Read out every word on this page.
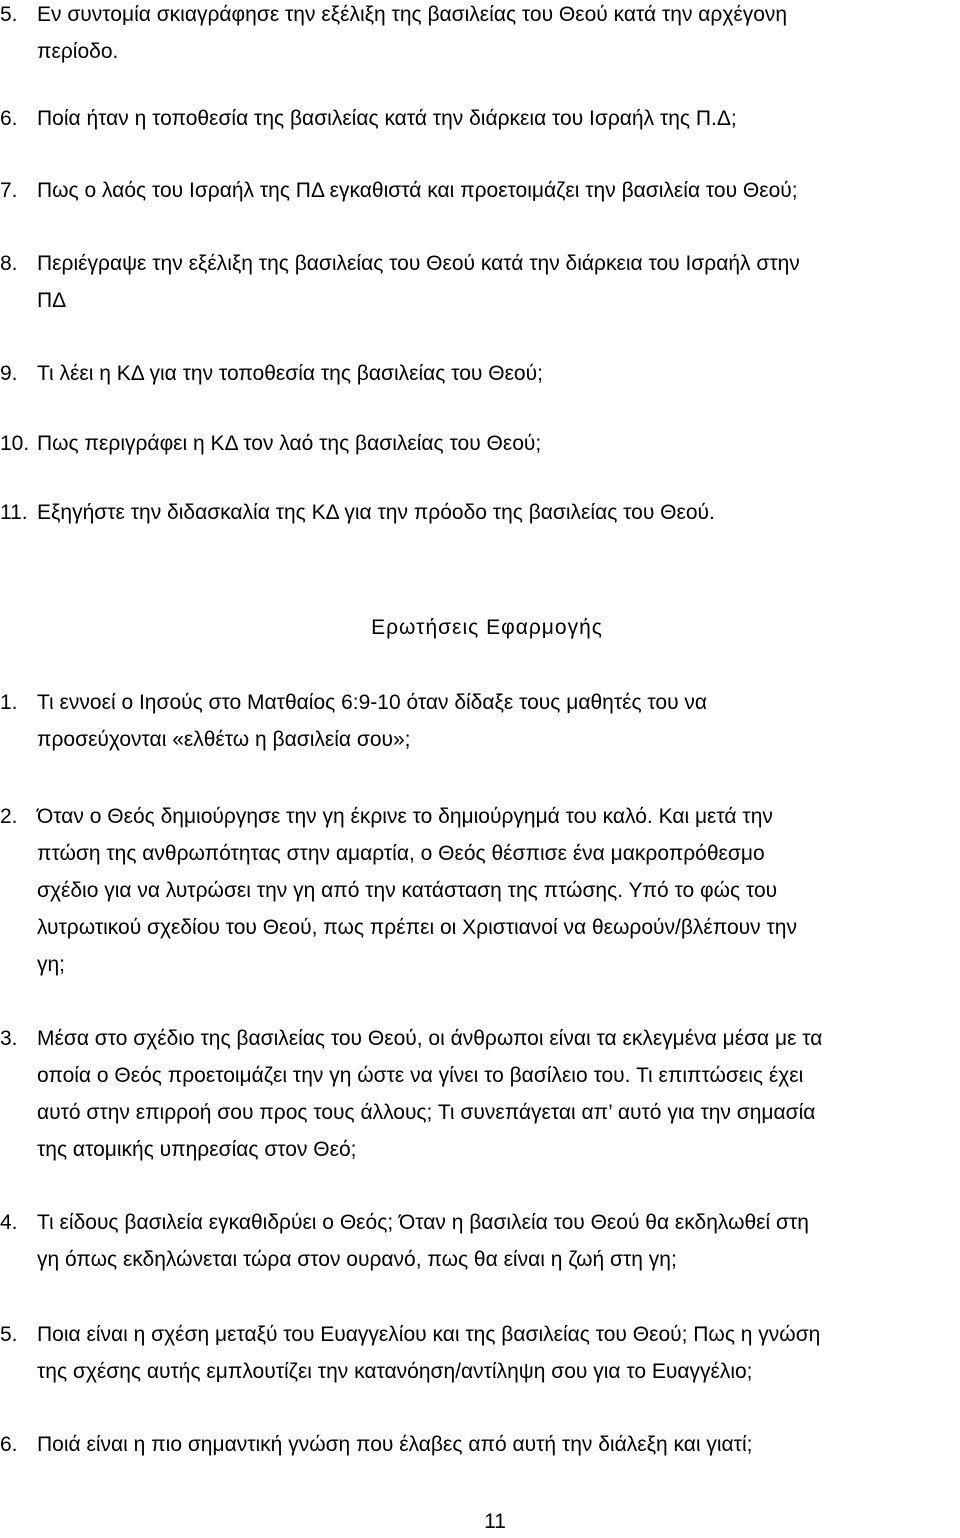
5. Εν συντομία σκιαγράφησε την εξέλιξη της βασιλείας του Θεού κατά την αρχέγονη
περίοδο.
6. Ποία ήταν η τοποθεσία της βασιλείας κατά την διάρκεια του Ισραήλ της Π.Δ;
7. Πως ο λαός του Ισραήλ της ΠΔ εγκαθιστά και προετοιμάζει την βασιλεία του Θεού;
8. Περιέγραψε την εξέλιξη της βασιλείας του Θεού κατά την διάρκεια του Ισραήλ στην
ΠΔ
9. Τι λέει η ΚΔ για την τοποθεσία της βασιλείας του Θεού;
10. Πως περιγράφει η ΚΔ τον λαό της βασιλείας του Θεού;
11. Εξηγήστε την διδασκαλία της ΚΔ για την πρόοδο της βασιλείας του Θεού.
Ερωτήσεις Εφαρμογής
1. Τι εννοεί ο Ιησούς στο Ματθαίος 6:9-10 όταν δίδαξε τους μαθητές του να
προσεύχονται «ελθέτω η βασιλεία σου»;
2. Όταν ο Θεός δημιούργησε την γη έκρινε το δημιούργημά του καλό. Και μετά την
πτώση της ανθρωπότητας στην αμαρτία, ο Θεός θέσπισε ένα μακροπρόθεσμο
σχέδιο για να λυτρώσει την γη από την κατάσταση της πτώσης. Υπό το φώς του
λυτρωτικού σχεδίου του Θεού, πως πρέπει οι Χριστιανοί να θεωρούν/βλέπουν την
γη;
3. Μέσα στο σχέδιο της βασιλείας του Θεού, οι άνθρωποι είναι τα εκλεγμένα μέσα με τα
οποία ο Θεός προετοιμάζει την γη ώστε να γίνει το βασίλειο του. Τι επιπτώσεις έχει
αυτό στην επιρροή σου προς τους άλλους; Τι συνεπάγεται απ’ αυτό για την σημασία
της ατομικής υπηρεσίας στον Θεό;
4. Τι είδους βασιλεία εγκαθιδρύει ο Θεός; Όταν η βασιλεία του Θεού θα εκδηλωθεί στη
γη όπως εκδηλώνεται τώρα στον ουρανό, πως θα είναι η ζωή στη γη;
5. Ποια είναι η σχέση μεταξύ του Ευαγγελίου και της βασιλείας του Θεού; Πως η γνώση
της σχέσης αυτής εμπλουτίζει την κατανόηση/αντίληψη σου για το Ευαγγέλιο;
6. Ποιά είναι η πιο σημαντική γνώση που έλαβες από αυτή την διάλεξη και γιατί;
11
